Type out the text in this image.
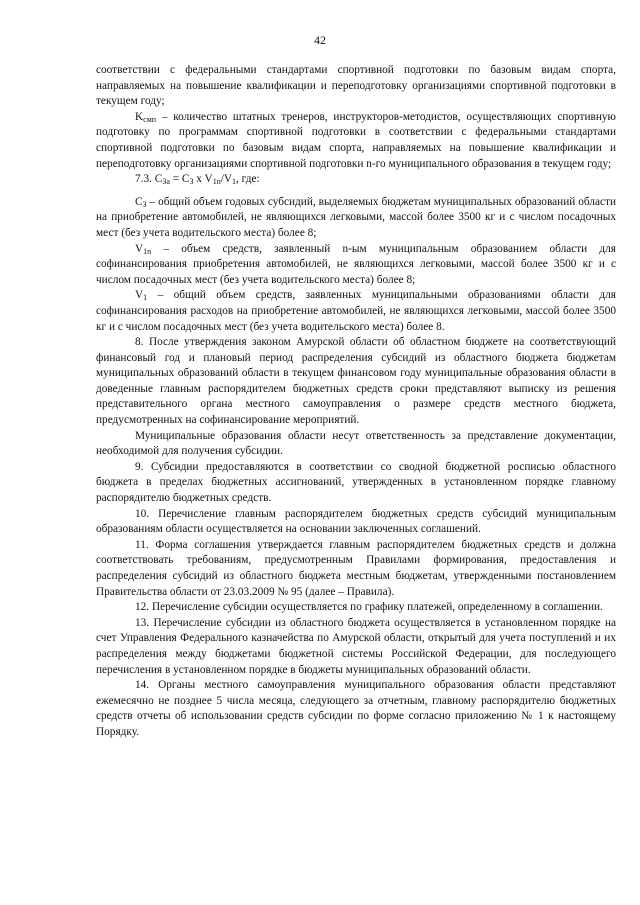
42

соответствии с федеральными стандартами спортивной подготовки по базовым видам спорта, направляемых на повышение квалификации и переподготовку организациями спортивной подготовки в текущем году;

$K_{смп}$ – количество штатных тренеров, инструкторов-методистов, осуществляющих спортивную подготовку по программам спортивной подготовки в соответствии с федеральными стандартами спортивной подготовки по базовым видам спорта, направляемых на повышение квалификации и переподготовку организациями спортивной подготовки n-го муниципального образования в текущем году;

7.3. $C_{3a} = C_3$ x $V_{1n}/V_1$, где:

$C_3$ – общий объем годовых субсидий, выделяемых бюджетам муниципальных образований области на приобретение автомобилей, не являющихся легковыми, массой более 3500 кг и с числом посадочных мест (без учета водительского места) более 8;

$V_{1n}$ – объем средств, заявленный n-ым муниципальным образованием области для софинансирования приобретения автомобилей, не являющихся легковыми, массой более 3500 кг и с числом посадочных мест (без учета водительского места) более 8;

$V_1$ – общий объем средств, заявленных муниципальными образованиями области для софинансирования расходов на приобретение автомобилей, не являющихся легковыми, массой более 3500 кг и с числом посадочных мест (без учета водительского места) более 8.

8. После утверждения законом Амурской области об областном бюджете на соответствующий финансовый год и плановый период распределения субсидий из областного бюджета бюджетам муниципальных образований области в текущем финансовом году муниципальные образования области в доведенные главным распорядителем бюджетных средств сроки представляют выписку из решения представительного органа местного самоуправления о размере средств местного бюджета, предусмотренных на софинансирование мероприятий.

Муниципальные образования области несут ответственность за представление документации, необходимой для получения субсидии.

9. Субсидии предоставляются в соответствии со сводной бюджетной росписью областного бюджета в пределах бюджетных ассигнований, утвержденных в установленном порядке главному распорядителю бюджетных средств.

10. Перечисление главным распорядителем бюджетных средств субсидий муниципальным образованиям области осуществляется на основании заключенных соглашений.

11. Форма соглашения утверждается главным распорядителем бюджетных средств и должна соответствовать требованиям, предусмотренным Правилами формирования, предоставления и распределения субсидий из областного бюджета местным бюджетам, утвержденными постановлением Правительства области от 23.03.2009 № 95 (далее – Правила).

12. Перечисление субсидии осуществляется по графику платежей, определенному в соглашении.

13. Перечисление субсидии из областного бюджета осуществляется в установленном порядке на счет Управления Федерального казначейства по Амурской области, открытый для учета поступлений и их распределения между бюджетами бюджетной системы Российской Федерации, для последующего перечисления в установленном порядке в бюджеты муниципальных образований области.

14. Органы местного самоуправления муниципального образования области представляют ежемесячно не позднее 5 числа месяца, следующего за отчетным, главному распорядителю бюджетных средств отчеты об использовании средств субсидии по форме согласно приложению № 1 к настоящему Порядку.
